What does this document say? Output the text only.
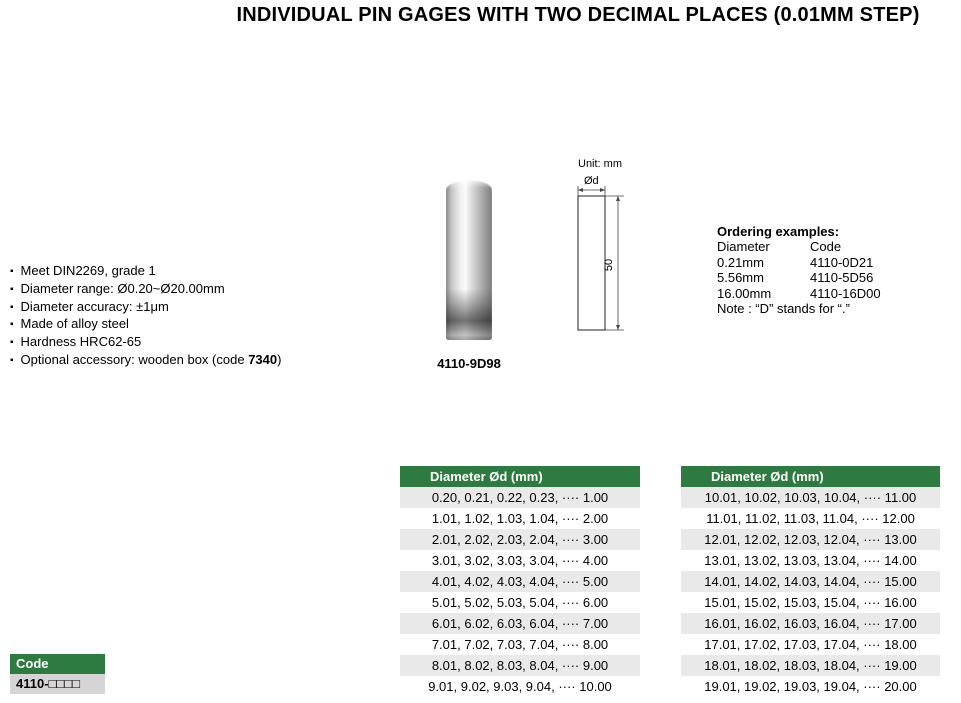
INDIVIDUAL PIN GAGES WITH TWO DECIMAL PLACES (0.01MM STEP)
▪ Meet DIN2269, grade 1
▪ Diameter range: Ø0.20~Ø20.00mm
▪ Diameter accuracy: ±1μm
▪ Made of alloy steel
▪ Hardness HRC62-65
▪ Optional accessory: wooden box (code 7340)	4110-9D98
Unit: mm
Ød
50
Ordering examples:
Diameter	Code
0.21mm	4110-0D21
5.56mm	4110-5D56
16.00mm	4110-16D00
Note : “D” stands for “.”
Code
4110-□□□□
Diameter Ød (mm)
0.20, 0.21, 0.22, 0.23, ···· 1.00
1.01, 1.02, 1.03, 1.04, ···· 2.00
2.01, 2.02, 2.03, 2.04, ···· 3.00
3.01, 3.02, 3.03, 3.04, ···· 4.00
4.01, 4.02, 4.03, 4.04, ···· 5.00
5.01, 5.02, 5.03, 5.04, ···· 6.00
6.01, 6.02, 6.03, 6.04, ···· 7.00
7.01, 7.02, 7.03, 7.04, ···· 8.00
8.01, 8.02, 8.03, 8.04, ···· 9.00
9.01, 9.02, 9.03, 9.04, ···· 10.00
Diameter Ød (mm)
10.01, 10.02, 10.03, 10.04, ···· 11.00
11.01, 11.02, 11.03, 11.04, ···· 12.00
12.01, 12.02, 12.03, 12.04, ···· 13.00
13.01, 13.02, 13.03, 13.04, ···· 14.00
14.01, 14.02, 14.03, 14.04, ···· 15.00
15.01, 15.02, 15.03, 15.04, ···· 16.00
16.01, 16.02, 16.03, 16.04, ···· 17.00
17.01, 17.02, 17.03, 17.04, ···· 18.00
18.01, 18.02, 18.03, 18.04, ···· 19.00
19.01, 19.02, 19.03, 19.04, ···· 20.00
